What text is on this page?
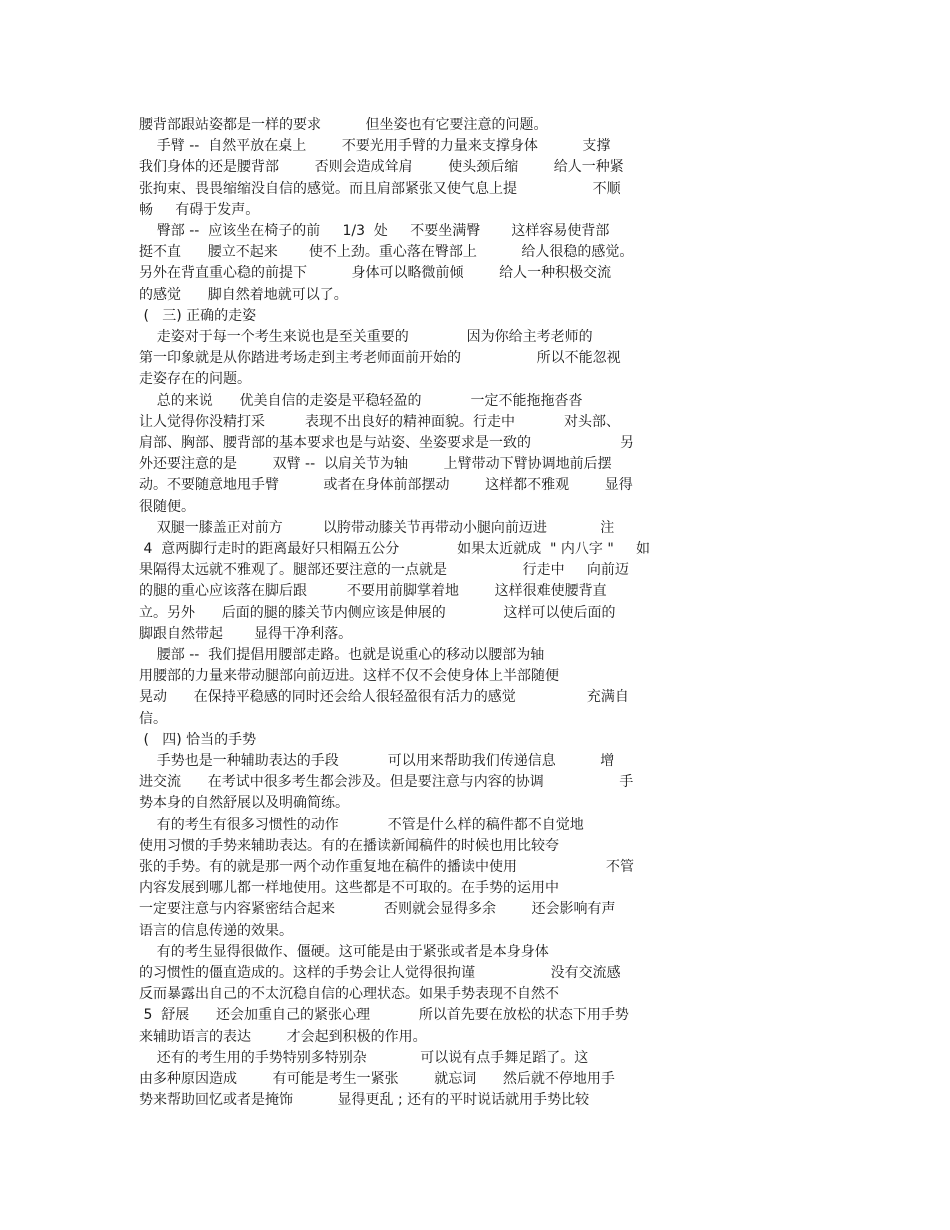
腰背部跟站姿都是一样的要求          但坐姿也有它要注意的问题。
手臂 --  自然平放在桌上        不要光用手臂的力量来支撑身体          支撑
我们身体的还是腰背部        否则会造成耸肩        使头颈后缩        给人一种紧
张拘束、畏畏缩缩没自信的感觉。而且肩部紧张又使气息上提                 不顺
畅     有碍于发声。
臀部 --  应该坐在椅子的前     1/3  处     不要坐满臀       这样容易使背部
挺不直      腰立不起来       使不上劲。重心落在臀部上          给人很稳的感觉。
另外在背直重心稳的前提下          身体可以略微前倾        给人一种积极交流
的感觉      脚自然着地就可以了。
(   三) 正确的走姿
走姿对于每一个考生来说也是至关重要的             因为你给主考老师的
第一印象就是从你踏进考场走到主考老师面前开始的                 所以不能忽视
走姿存在的问题。
总的来说      优美自信的走姿是平稳轻盈的           一定不能拖拖沓沓
让人觉得你没精打采         表现不出良好的精神面貌。行走中           对头部、
肩部、胸部、腰背部的基本要求也是与站姿、坐姿要求是一致的                    另
外还要注意的是        双臂 --  以肩关节为轴        上臂带动下臂协调地前后摆
动。不要随意地甩手臂          或者在身体前部摆动        这样都不雅观        显得
很随便。
双腿一膝盖正对前方         以胯带动膝关节再带动小腿向前迈进            注
4  意两脚行走时的距离最好只相隔五公分             如果太近就成  " 内八字 "     如
果隔得太远就不雅观了。腿部还要注意的一点就是                 行走中     向前迈
的腿的重心应该落在脚后跟         不要用前脚掌着地        这样很难使腰背直
立。另外      后面的腿的膝关节内侧应该是伸展的             这样可以使后面的
脚跟自然带起       显得干净利落。
腰部 --  我们提倡用腰部走路。也就是说重心的移动以腰部为轴
用腰部的力量来带动腿部向前迈进。这样不仅不会使身体上半部随便
晃动      在保持平稳感的同时还会给人很轻盈很有活力的感觉                充满自
信。
(   四) 恰当的手势
手势也是一种辅助表达的手段           可以用来帮助我们传递信息          增
进交流      在考试中很多考生都会涉及。但是要注意与内容的协调                 手
势本身的自然舒展以及明确简练。
有的考生有很多习惯性的动作           不管是什么样的稿件都不自觉地
使用习惯的手势来辅助表达。有的在播读新闻稿件的时候也用比较夸
张的手势。有的就是那一两个动作重复地在稿件的播读中使用                    不管
内容发展到哪儿都一样地使用。这些都是不可取的。在手势的运用中
一定要注意与内容紧密结合起来           否则就会显得多余        还会影响有声
语言的信息传递的效果。
有的考生显得很做作、僵硬。这可能是由于紧张或者是本身身体
的习惯性的僵直造成的。这样的手势会让人觉得很拘谨                 没有交流感
反而暴露出自己的不太沉稳自信的心理状态。如果手势表现不自然不
5  舒展      还会加重自己的紧张心理           所以首先要在放松的状态下用手势
来辅助语言的表达        才会起到积极的作用。
还有的考生用的手势特别多特别杂            可以说有点手舞足蹈了。这
由多种原因造成        有可能是考生一紧张        就忘词      然后就不停地用手
势来帮助回忆或者是掩饰          显得更乱 ; 还有的平时说话就用手势比较
